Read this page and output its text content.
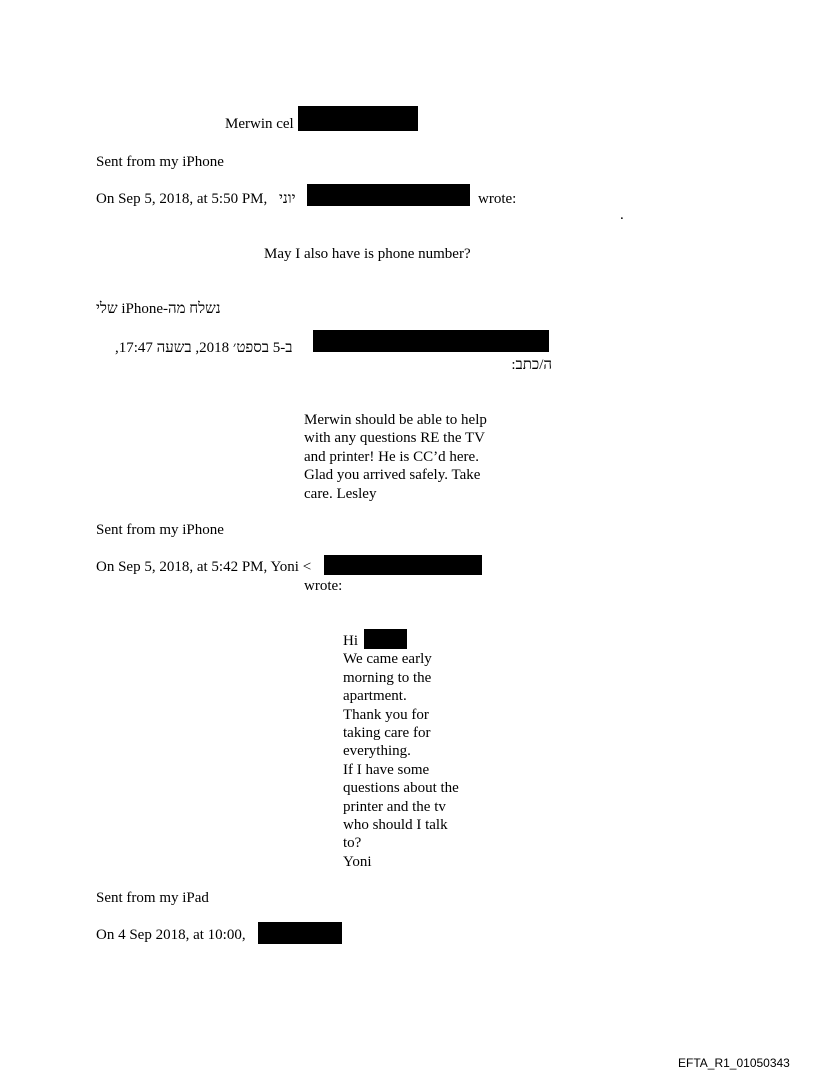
Merwin cel
Sent from my iPhone
On Sep 5, 2018, at 5:50 PM, יוני	wrote:
.
May I also have is phone number?
נשלח מה-iPhone שלי
ב-5 בספט׳ 2018, בשעה 17:47,
ה/כתב:
Merwin should be able to help
with any questions RE the TV
and printer! He is CC’d here.
Glad you arrived safely. Take
care. Lesley
Sent from my iPhone
On Sep 5, 2018, at 5:42 PM, Yoni <
wrote:
Hi
We came early
morning to the
apartment.
Thank you for
taking care for
everything.
If I have some
questions about the
printer and the tv
who should I talk
to?
Yoni
Sent from my iPad
On 4 Sep 2018, at 10:00,
EFTA_R1_01050343
